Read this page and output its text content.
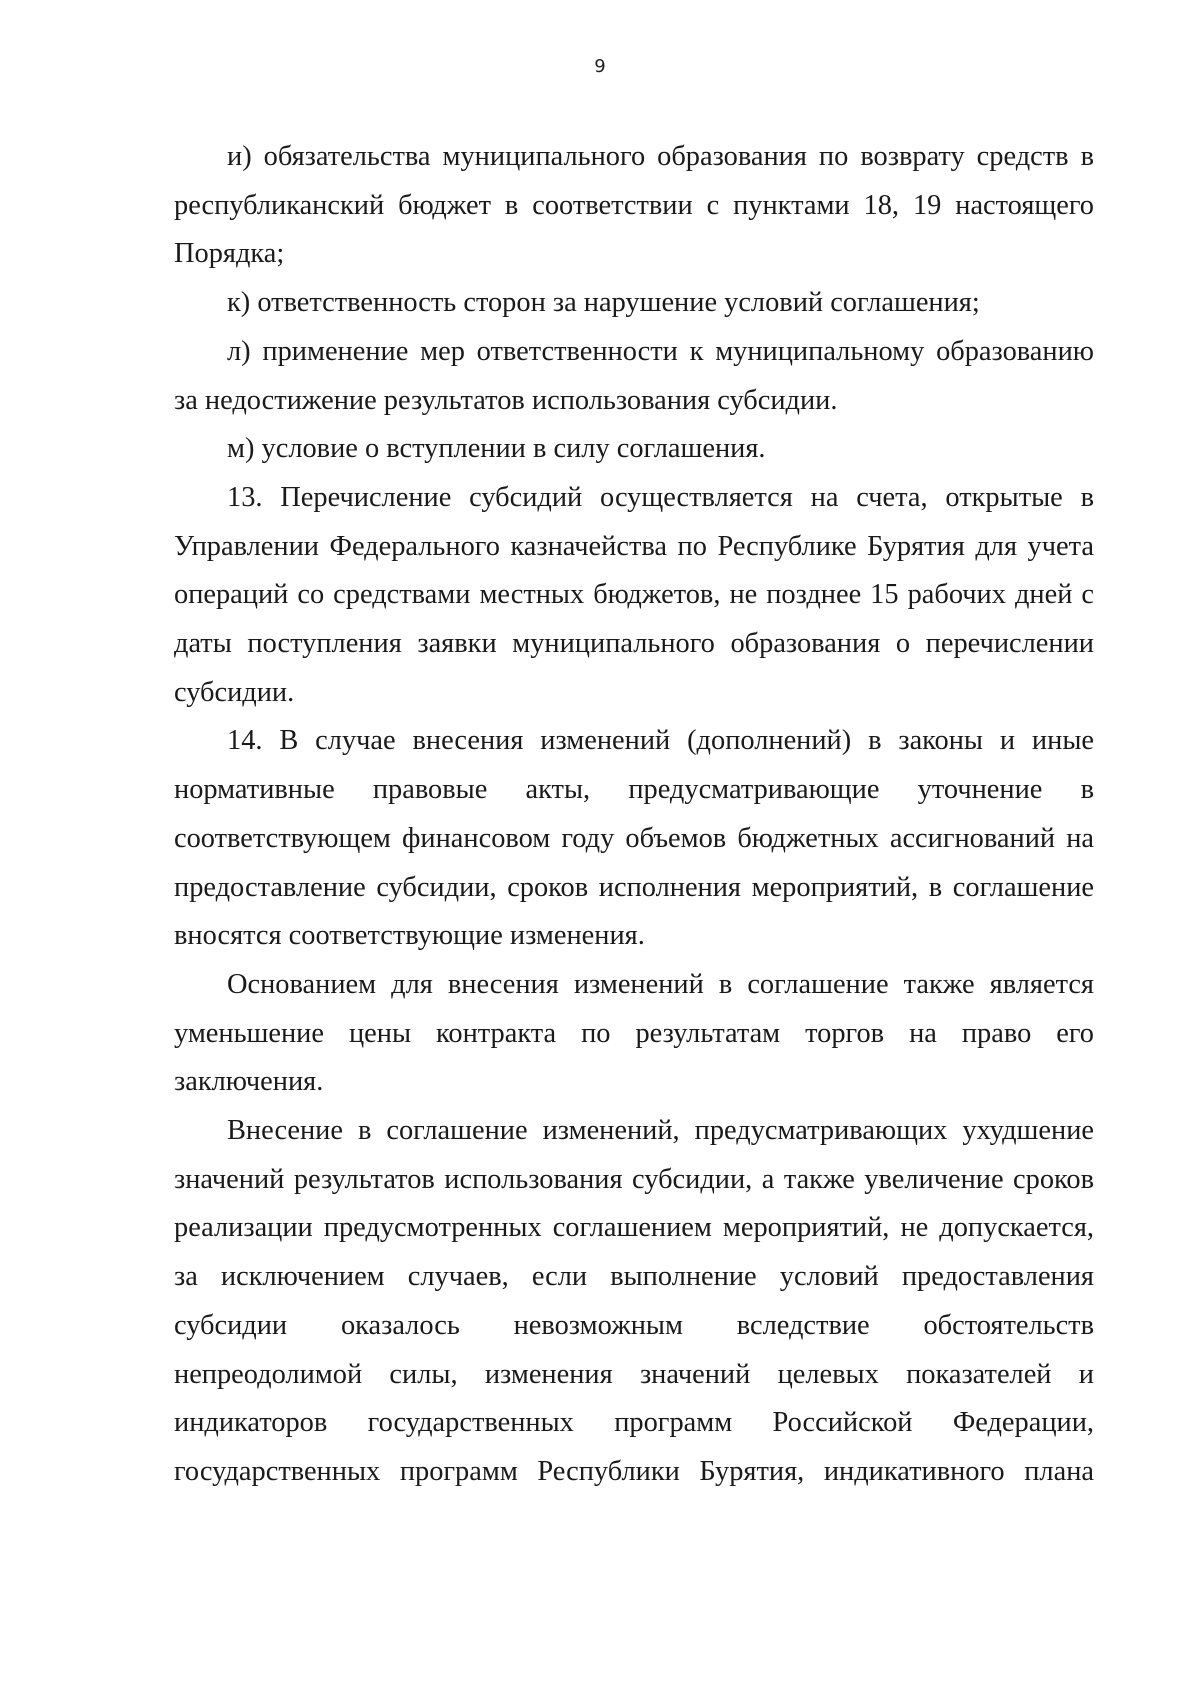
9

и) обязательства муниципального образования по возврату средств в республиканский бюджет в соответствии с пунктами 18, 19 настоящего Порядка;

к) ответственность сторон за нарушение условий соглашения;

л) применение мер ответственности к муниципальному образованию за недостижение результатов использования субсидии.

м) условие о вступлении в силу соглашения.

13. Перечисление субсидий осуществляется на счета, открытые в Управлении Федерального казначейства по Республике Бурятия для учета операций со средствами местных бюджетов, не позднее 15 рабочих дней с даты поступления заявки муниципального образования о перечислении субсидии.

14. В случае внесения изменений (дополнений) в законы и иные нормативные правовые акты, предусматривающие уточнение в соответствующем финансовом году объемов бюджетных ассигнований на предоставление субсидии, сроков исполнения мероприятий, в соглашение вносятся соответствующие изменения.

Основанием для внесения изменений в соглашение также является уменьшение цены контракта по результатам торгов на право его заключения.

Внесение в соглашение изменений, предусматривающих ухудшение значений результатов использования субсидии, а также увеличение сроков реализации предусмотренных соглашением мероприятий, не допускается, за исключением случаев, если выполнение условий предоставления субсидии оказалось невозможным вследствие обстоятельств непреодолимой силы, изменения значений целевых показателей и индикаторов государственных программ Российской Федерации, государственных программ Республики Бурятия, индикативного плана
